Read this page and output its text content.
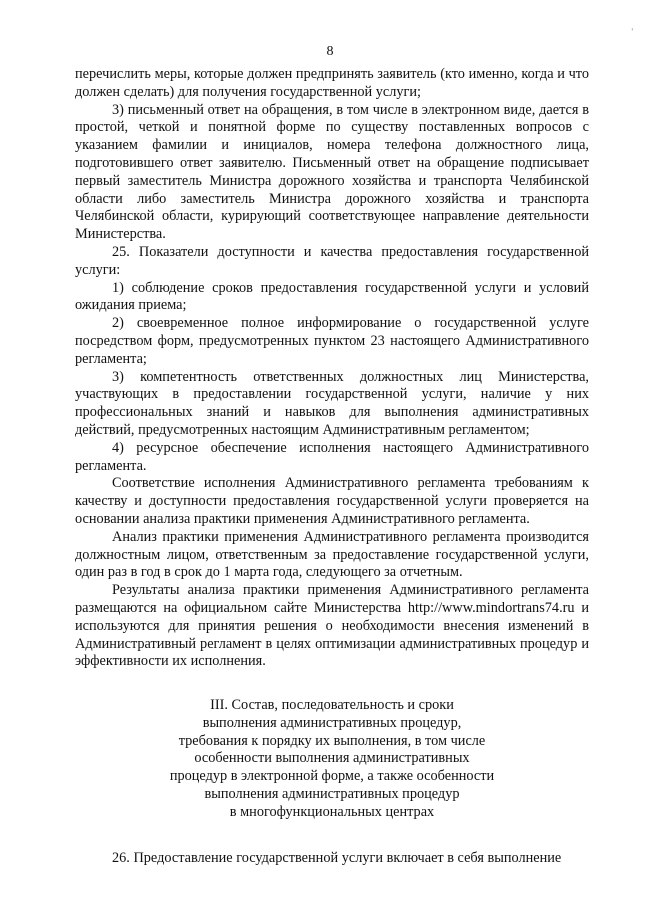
8
-

перечислить меры, которые должен предпринять заявитель (кто именно, когда и что должен сделать) для получения государственной услуги;

3) письменный ответ на обращения, в том числе в электронном виде, дается в простой, четкой и понятной форме по существу поставленных вопросов с указанием фамилии и инициалов, номера телефона должностного лица, подготовившего ответ заявителю. Письменный ответ на обращение подписывает первый заместитель Министра дорожного хозяйства и транспорта Челябинской области либо заместитель Министра дорожного хозяйства и транспорта Челябинской области, курирующий соответствующее направление деятельности Министерства.

25. Показатели доступности и качества предоставления государственной услуги:

1) соблюдение сроков предоставления государственной услуги и условий ожидания приема;

2) своевременное полное информирование о государственной услуге посредством форм, предусмотренных пунктом 23 настоящего Административного регламента;

3) компетентность ответственных должностных лиц Министерства, участвующих в предоставлении государственной услуги, наличие у них профессиональных знаний и навыков для выполнения административных действий, предусмотренных настоящим Административным регламентом;

4) ресурсное обеспечение исполнения настоящего Административного регламента.

Соответствие исполнения Административного регламента требованиям к качеству и доступности предоставления государственной услуги проверяется на основании анализа практики применения Административного регламента.

Анализ практики применения Административного регламента производится должностным лицом, ответственным за предоставление государственной услуги, один раз в год в срок до 1 марта года, следующего за отчетным.

Результаты анализа практики применения Административного регламента размещаются на официальном сайте Министерства http://www.mindortrans74.ru и используются для принятия решения о необходимости внесения изменений в Административный регламент в целях оптимизации административных процедур и эффективности их исполнения.

III. Состав, последовательность и сроки
выполнения административных процедур,
требования к порядку их выполнения, в том числе
особенности выполнения административных
процедур в электронной форме, а также особенности
выполнения административных процедур
в многофункциональных центрах

26. Предоставление государственной услуги включает в себя выполнение
